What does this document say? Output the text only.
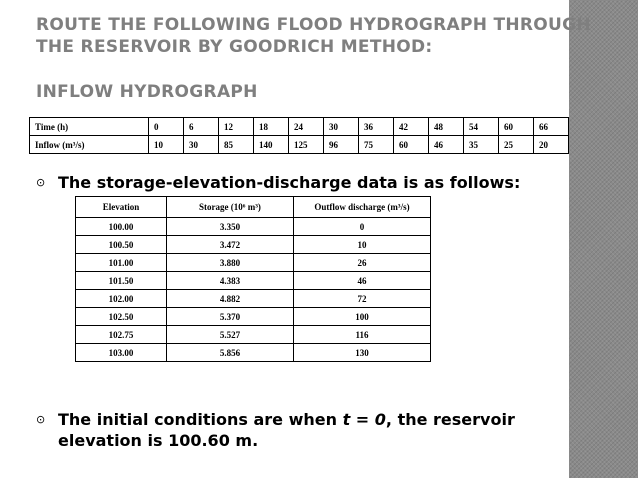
ROUTE THE FOLLOWING FLOOD HYDROGRAPH THROUGH
THE RESERVOIR BY GOODRICH METHOD:
INFLOW HYDROGRAPH
Time (h)	0	6	12	18	24	30	36	42	48	54	60	66
Inflow (m³/s)	10	30	85	140	125	96	75	60	46	35	25	20
⊙ The storage-elevation-discharge data is as follows:
Elevation	Storage (10⁶ m³)	Outflow discharge (m³/s)
100.00	3.350	0
100.50	3.472	10
101.00	3.880	26
101.50	4.383	46
102.00	4.882	72
102.50	5.370	100
102.75	5.527	116
103.00	5.856	130
⊙ The initial conditions are when t = 0, the reservoir
elevation is 100.60 m.
